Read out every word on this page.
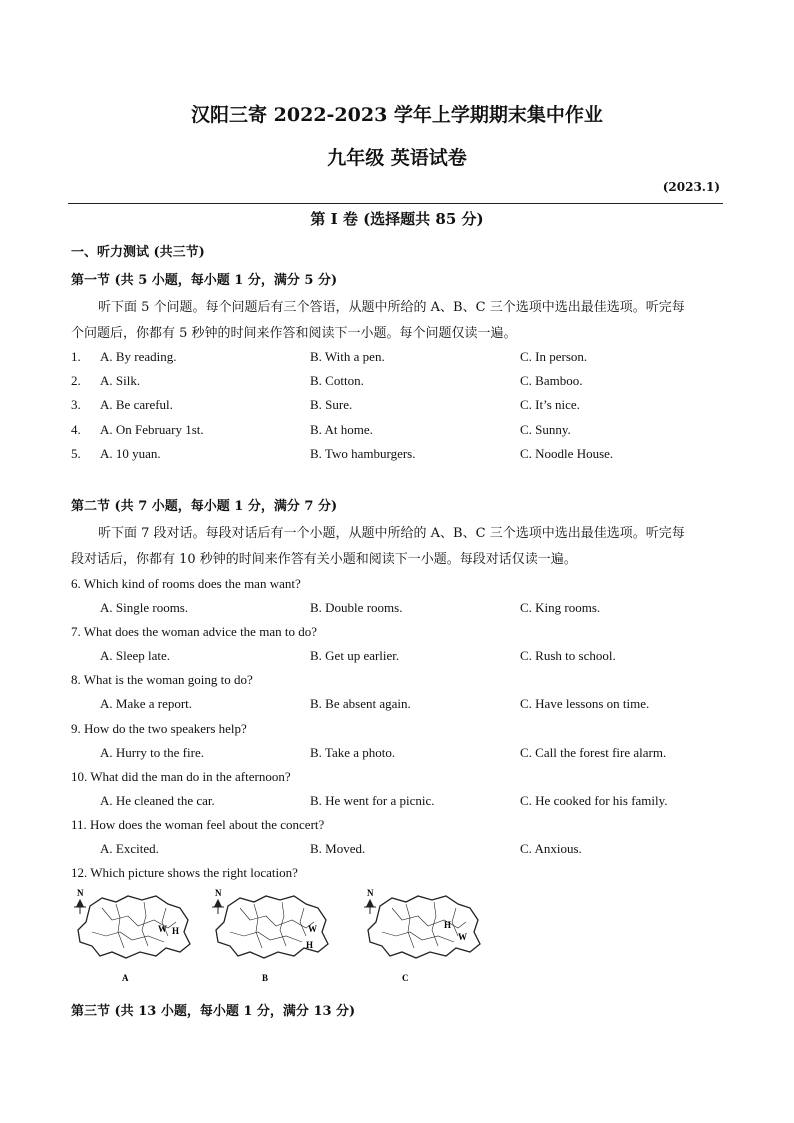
汉阳三寄 2022-2023 学年上学期期末集中作业
九年级 英语试卷
(2023.1)
第 I 卷 (选择题共 85 分)
一、听力测试 (共三节)
第一节 (共 5 小题，每小题 1 分，满分 5 分)
听下面 5 个问题。每个问题后有三个答语，从题中所给的 A、B、C 三个选项中选出最佳选项。听完每
个问题后，你都有 5 秒钟的时间来作答和阅读下一小题。每个问题仅读一遍。
1. A. By reading.	B. With a pen.	C. In person.
2. A. Silk.	B. Cotton.	C. Bamboo.
3. A. Be careful.	B. Sure.	C. It’s nice.
4. A. On February 1st.	B. At home.	C. Sunny.
5. A. 10 yuan.	B. Two hamburgers.	C. Noodle House.
第二节 (共 7 小题，每小题 1 分，满分 7 分)
听下面 7 段对话。每段对话后有一个小题，从题中所给的 A、B、C 三个选项中选出最佳选项。听完每
段对话后，你都有 10 秒钟的时间来作答有关小题和阅读下一小题。每段对话仅读一遍。
6. Which kind of rooms does the man want?
A. Single rooms.	B. Double rooms.	C. King rooms.
7. What does the woman advice the man to do?
A. Sleep late.	B. Get up earlier.	C. Rush to school.
8. What is the woman going to do?
A. Make a report.	B. Be absent again.	C. Have lessons on time.
9. How do the two speakers help?
A. Hurry to the fire.	B. Take a photo.	C. Call the forest fire alarm.
10. What did the man do in the afternoon?
A. He cleaned the car.	B. He went for a picnic.	C. He cooked for his family.
11. How does the woman feel about the concert?
A. Excited.	B. Moved.	C. Anxious.
12. Which picture shows the right location?
N
W H
A
N
W
H
B
N
H
W
C
第三节 (共 13 小题，每小题 1 分，满分 13 分)
